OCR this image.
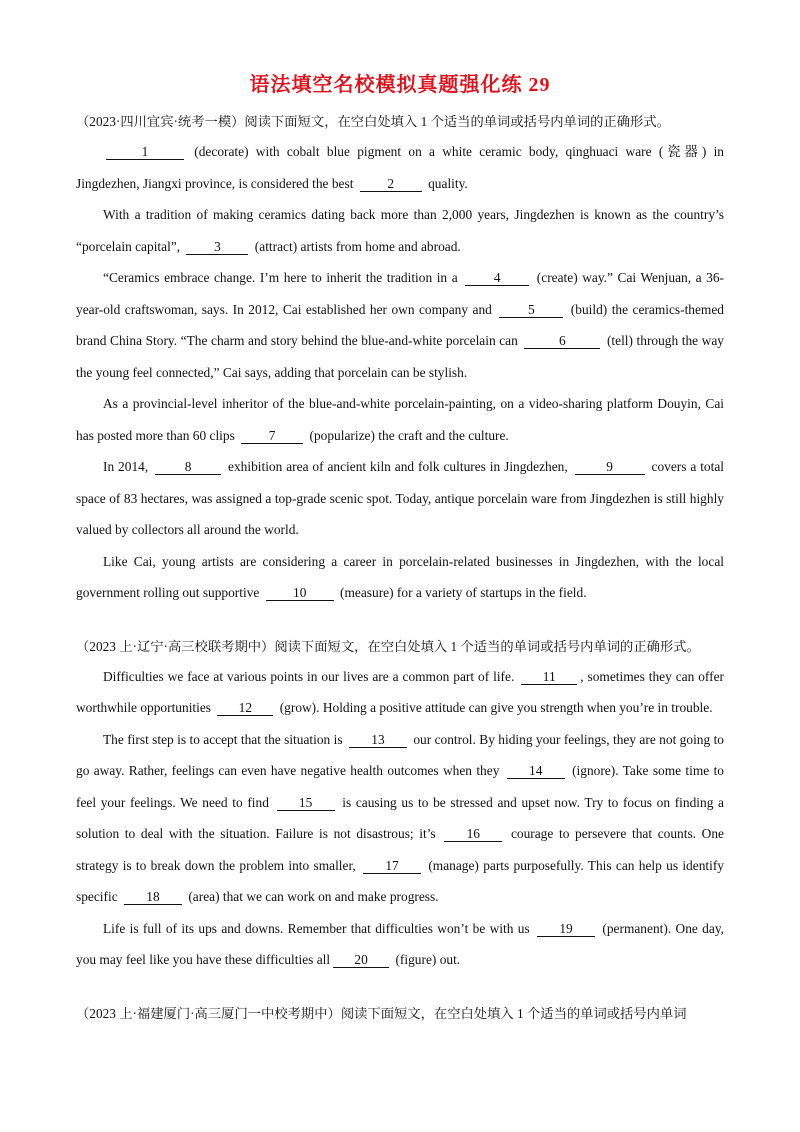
语法填空名校模拟真题强化练 29
（2023·四川宜宾·统考一模）阅读下面短文，在空白处填入 1 个适当的单词或括号内单词的正确形式。

1	(decorate) with cobalt blue pigment on a white ceramic body, qinghuaci ware (瓷器) in Jingdezhen, Jiangxi province, is considered the best 2 quality.

With a tradition of making ceramics dating back more than 2,000 years, Jingdezhen is known as the country’s “porcelain capital”, 3 (attract) artists from home and abroad.

“Ceramics embrace change. I’m here to inherit the tradition in a 4 (create) way.” Cai Wenjuan, a 36-year-old craftswoman, says. In 2012, Cai established her own company and 5 (build) the ceramics-themed brand China Story. “The charm and story behind the blue-and-white porcelain can	6	(tell) through the way the young feel connected,” Cai says, adding that porcelain can be stylish.

As a provincial-level inheritor of the blue-and-white porcelain-painting, on a video-sharing platform Douyin, Cai has posted more than 60 clips 7 (popularize) the craft and the culture.

In 2014, 8 exhibition area of ancient kiln and folk cultures in Jingdezhen,	9	covers a total space of 83 hectares, was assigned a top-grade scenic spot. Today, antique porcelain ware from Jingdezhen is still highly valued by collectors all around the world.

Like Cai, young artists are considering a career in porcelain-related businesses in Jingdezhen, with the local government rolling out supportive 10 (measure) for a variety of startups in the field.

（2023 上·辽宁·高三校联考期中）阅读下面短文，在空白处填入 1 个适当的单词或括号内单词的正确形式。

Difficulties we face at various points in our lives are a common part of life. 11 , sometimes they can offer worthwhile opportunities 12 (grow). Holding a positive attitude can give you strength when you’re in trouble.

The first step is to accept that the situation is 13 our control. By hiding your feelings, they are not going to go away. Rather, feelings can even have negative health outcomes when they 14 (ignore). Take some time to feel your feelings. We need to find 15 is causing us to be stressed and upset now. Try to focus on finding a solution to deal with the situation. Failure is not disastrous; it’s 16 courage to persevere that counts. One strategy is to break down the problem into smaller, 17 (manage) parts purposefully. This can help us identify specific 18 (area) that we can work on and make progress.

Life is full of its ups and downs. Remember that difficulties won’t be with us 19 (permanent). One day, you may feel like you have these difficulties all 20 (figure) out.

（2023 上·福建厦门·高三厦门一中校考期中）阅读下面短文，在空白处填入 1 个适当的单词或括号内单词
